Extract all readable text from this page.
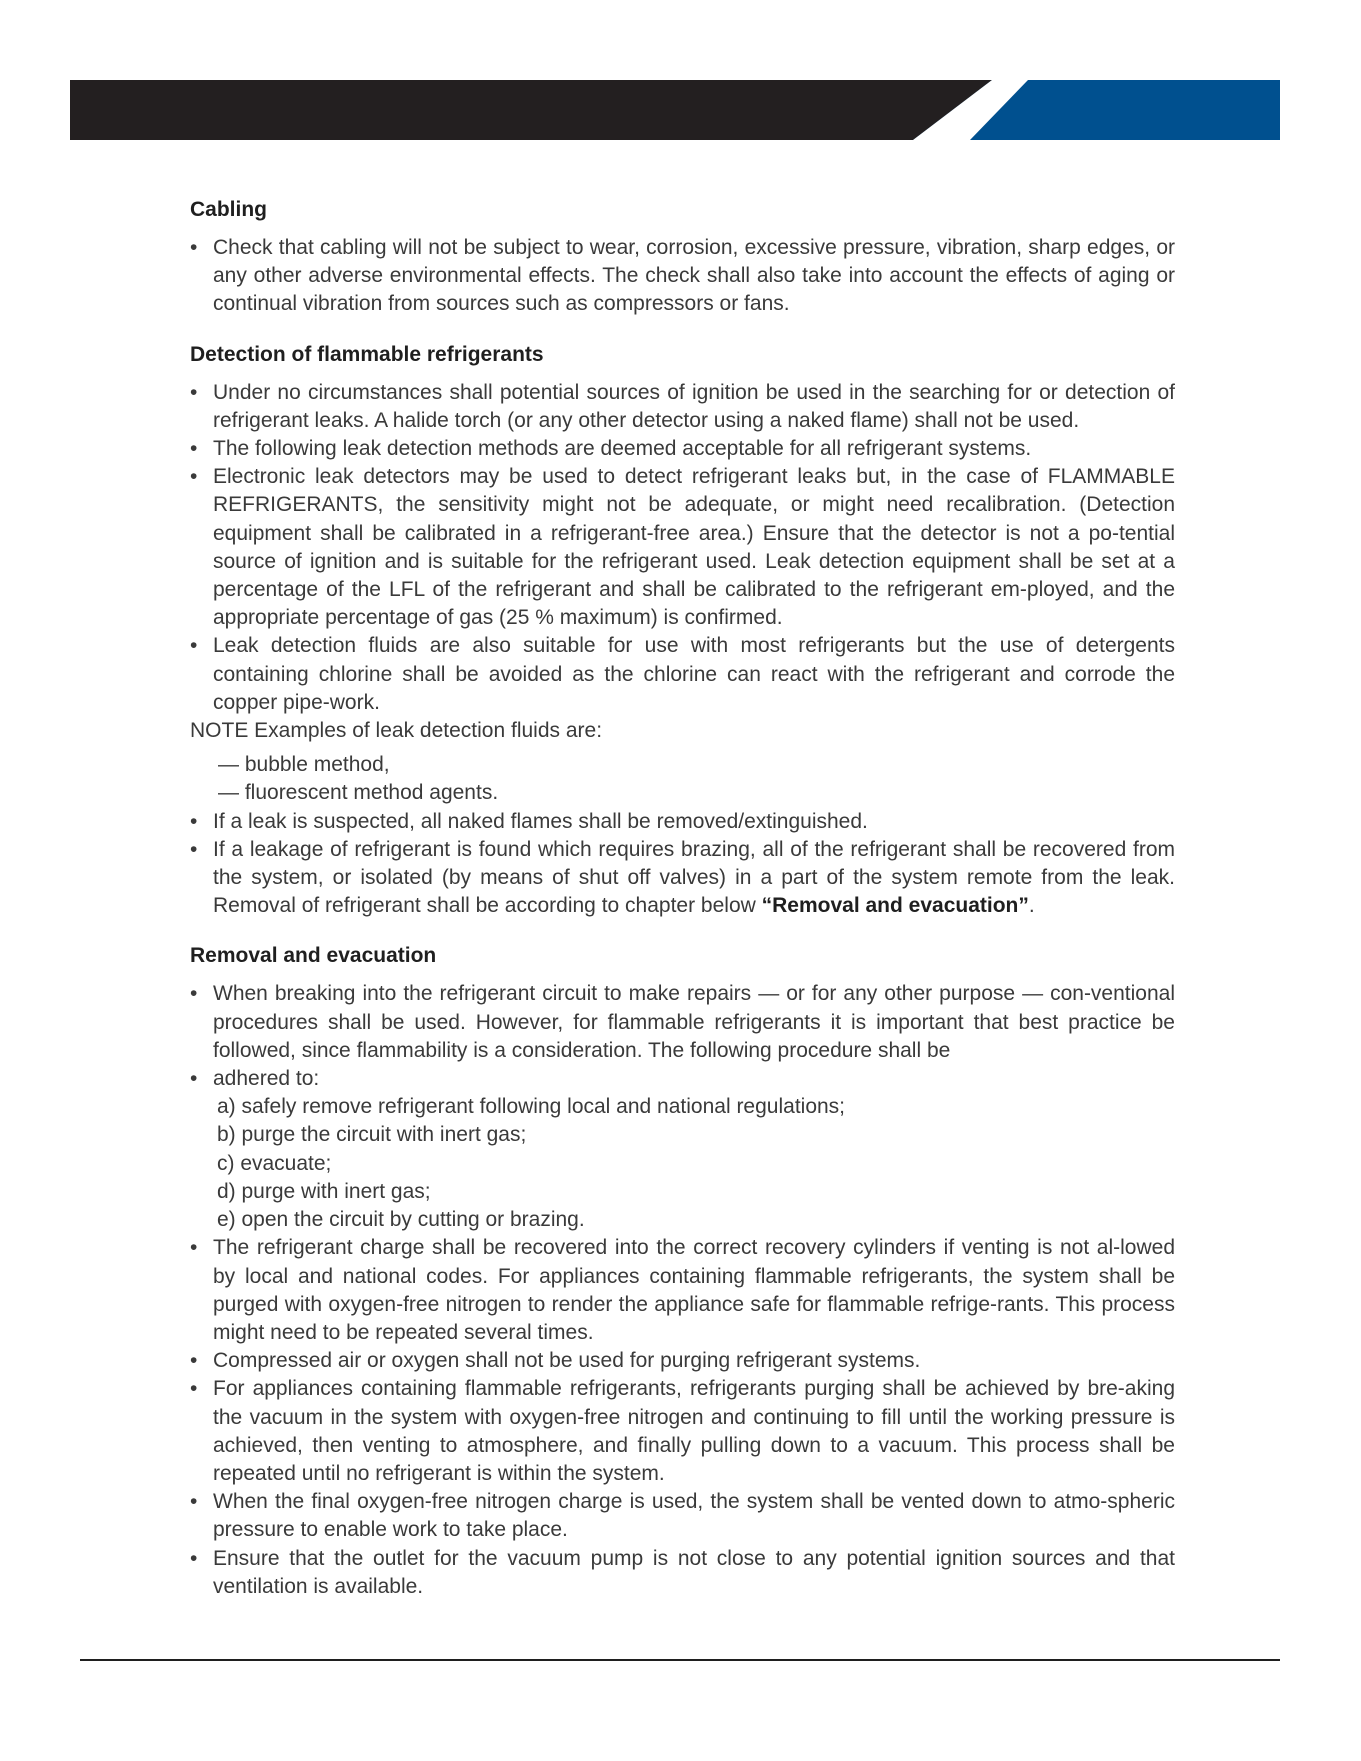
Cabling
• Check that cabling will not be subject to wear, corrosion, excessive pressure, vibration, sharp edges, or any other adverse environmental effects. The check shall also take into account the effects of aging or continual vibration from sources such as compressors or fans.
Detection of flammable refrigerants
• Under no circumstances shall potential sources of ignition be used in the searching for or detection of refrigerant leaks. A halide torch (or any other detector using a naked flame) shall not be used.
• The following leak detection methods are deemed acceptable for all refrigerant systems.
• Electronic leak detectors may be used to detect refrigerant leaks but, in the case of FLAMMABLE REFRIGERANTS, the sensitivity might not be adequate, or might need recalibration. (Detection equipment shall be calibrated in a refrigerant-free area.) Ensure that the detector is not a po-tential source of ignition and is suitable for the refrigerant used. Leak detection equipment shall be set at a percentage of the LFL of the refrigerant and shall be calibrated to the refrigerant em-ployed, and the appropriate percentage of gas (25 % maximum) is confirmed.
• Leak detection fluids are also suitable for use with most refrigerants but the use of detergents containing chlorine shall be avoided as the chlorine can react with the refrigerant and corrode the copper pipe-work.

NOTE Examples of leak detection fluids are:

— bubble method,
— fluorescent method agents.
• If a leak is suspected, all naked flames shall be removed/extinguished.
• If a leakage of refrigerant is found which requires brazing, all of the refrigerant shall be recovered from the system, or isolated (by means of shut off valves) in a part of the system remote from the leak. Removal of refrigerant shall be according to chapter below “Removal and evacuation”.
Removal and evacuation
• When breaking into the refrigerant circuit to make repairs — or for any other purpose — con-ventional procedures shall be used. However, for flammable refrigerants it is important that best practice be followed, since flammability is a consideration. The following procedure shall be
• adhered to:
a) safely remove refrigerant following local and national regulations;
b) purge the circuit with inert gas;
c) evacuate;
d) purge with inert gas;
e) open the circuit by cutting or brazing.
• The refrigerant charge shall be recovered into the correct recovery cylinders if venting is not al-lowed by local and national codes. For appliances containing flammable refrigerants, the system shall be purged with oxygen-free nitrogen to render the appliance safe for flammable refrige-rants. This process might need to be repeated several times.
• Compressed air or oxygen shall not be used for purging refrigerant systems.
• For appliances containing flammable refrigerants, refrigerants purging shall be achieved by bre-aking the vacuum in the system with oxygen-free nitrogen and continuing to fill until the working pressure is achieved, then venting to atmosphere, and finally pulling down to a vacuum. This process shall be repeated until no refrigerant is within the system.
• When the final oxygen-free nitrogen charge is used, the system shall be vented down to atmo-spheric pressure to enable work to take place.
• Ensure that the outlet for the vacuum pump is not close to any potential ignition sources and that ventilation is available.
